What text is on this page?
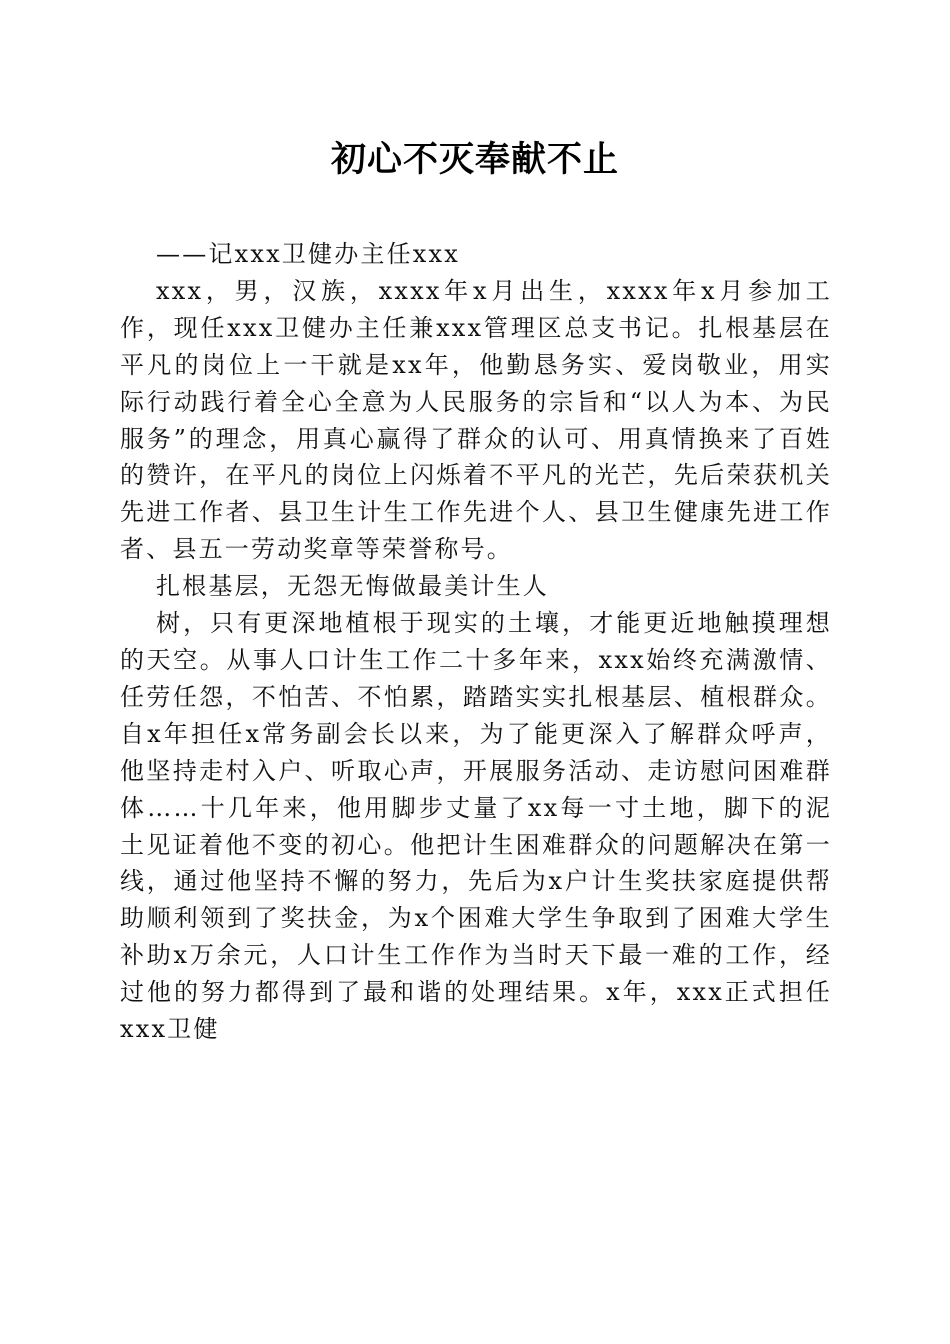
初心不灭奉献不止

——记xxx卫健办主任xxx

xxx，男，汉族，xxxx年x月出生，xxxx年x月参加工作，现任xxx卫健办主任兼xxx管理区总支书记。扎根基层在平凡的岗位上一干就是xx年，他勤恳务实、爱岗敬业，用实际行动践行着全心全意为人民服务的宗旨和“以人为本、为民服务”的理念，用真心赢得了群众的认可、用真情换来了百姓的赞许，在平凡的岗位上闪烁着不平凡的光芒，先后荣获机关先进工作者、县卫生计生工作先进个人、县卫生健康先进工作者、县五一劳动奖章等荣誉称号。

扎根基层，无怨无悔做最美计生人

树，只有更深地植根于现实的土壤，才能更近地触摸理想的天空。从事人口计生工作二十多年来，xxx始终充满激情、任劳任怨，不怕苦、不怕累，踏踏实实扎根基层、植根群众。自x年担任x常务副会长以来，为了能更深入了解群众呼声，他坚持走村入户、听取心声，开展服务活动、走访慰问困难群体……十几年来，他用脚步丈量了xx每一寸土地，脚下的泥土见证着他不变的初心。他把计生困难群众的问题解决在第一线，通过他坚持不懈的努力，先后为x户计生奖扶家庭提供帮助顺利领到了奖扶金，为x个困难大学生争取到了困难大学生补助x万余元，人口计生工作作为当时天下最一难的工作，经过他的努力都得到了最和谐的处理结果。x年，xxx正式担任xxx卫健
